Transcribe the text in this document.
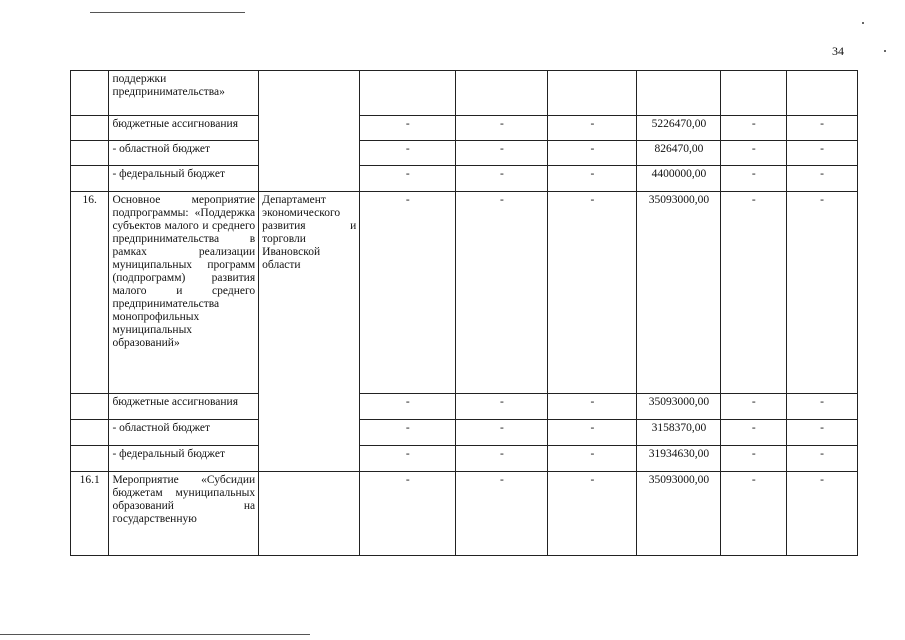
34
	поддержки предпринимательства»							
	бюджетные ассигнования		-	-	-	5226470,00	-	-
	- областной бюджет		-	-	-	826470,00	-	-
	- федеральный бюджет		-	-	-	4400000,00	-	-
16.	Основное мероприятие подпрограммы: «Поддержка субъектов малого и среднего предпринимательства в рамках реализации муниципальных программ (подпрограмм) развития малого и среднего предпринимательства монопрофильных муниципальных образований»	Департамент экономического развития и торговли Ивановской области	-	-	-	35093000,00	-	-
	бюджетные ассигнования		-	-	-	35093000,00	-	-
	- областной бюджет		-	-	-	3158370,00	-	-
	- федеральный бюджет		-	-	-	31934630,00	-	-
16.1	Мероприятие «Субсидии бюджетам муниципальных образований на государственную		-	-	-	35093000,00	-	-
